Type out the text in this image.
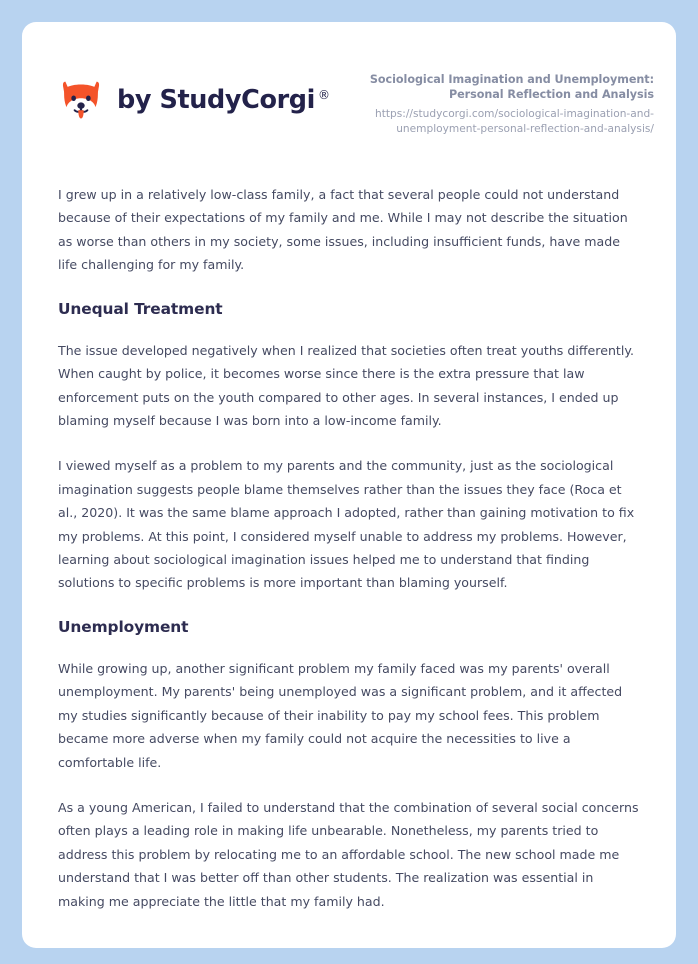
by StudyCorgi ®
Sociological Imagination and Unemployment: Personal Reflection and Analysis
https://studycorgi.com/sociological-imagination-and-unemployment-personal-reflection-and-analysis/

I grew up in a relatively low-class family, a fact that several people could not understand because of their expectations of my family and me. While I may not describe the situation as worse than others in my society, some issues, including insufficient funds, have made life challenging for my family.

Unequal Treatment

The issue developed negatively when I realized that societies often treat youths differently. When caught by police, it becomes worse since there is the extra pressure that law enforcement puts on the youth compared to other ages. In several instances, I ended up blaming myself because I was born into a low-income family.

I viewed myself as a problem to my parents and the community, just as the sociological imagination suggests people blame themselves rather than the issues they face (Roca et al., 2020). It was the same blame approach I adopted, rather than gaining motivation to fix my problems. At this point, I considered myself unable to address my problems. However, learning about sociological imagination issues helped me to understand that finding solutions to specific problems is more important than blaming yourself.

Unemployment

While growing up, another significant problem my family faced was my parents' overall unemployment. My parents' being unemployed was a significant problem, and it affected my studies significantly because of their inability to pay my school fees. This problem became more adverse when my family could not acquire the necessities to live a comfortable life.

As a young American, I failed to understand that the combination of several social concerns often plays a leading role in making life unbearable. Nonetheless, my parents tried to address this problem by relocating me to an affordable school. The new school made me understand that I was better off than other students. The realization was essential in making me appreciate the little that my family had.
